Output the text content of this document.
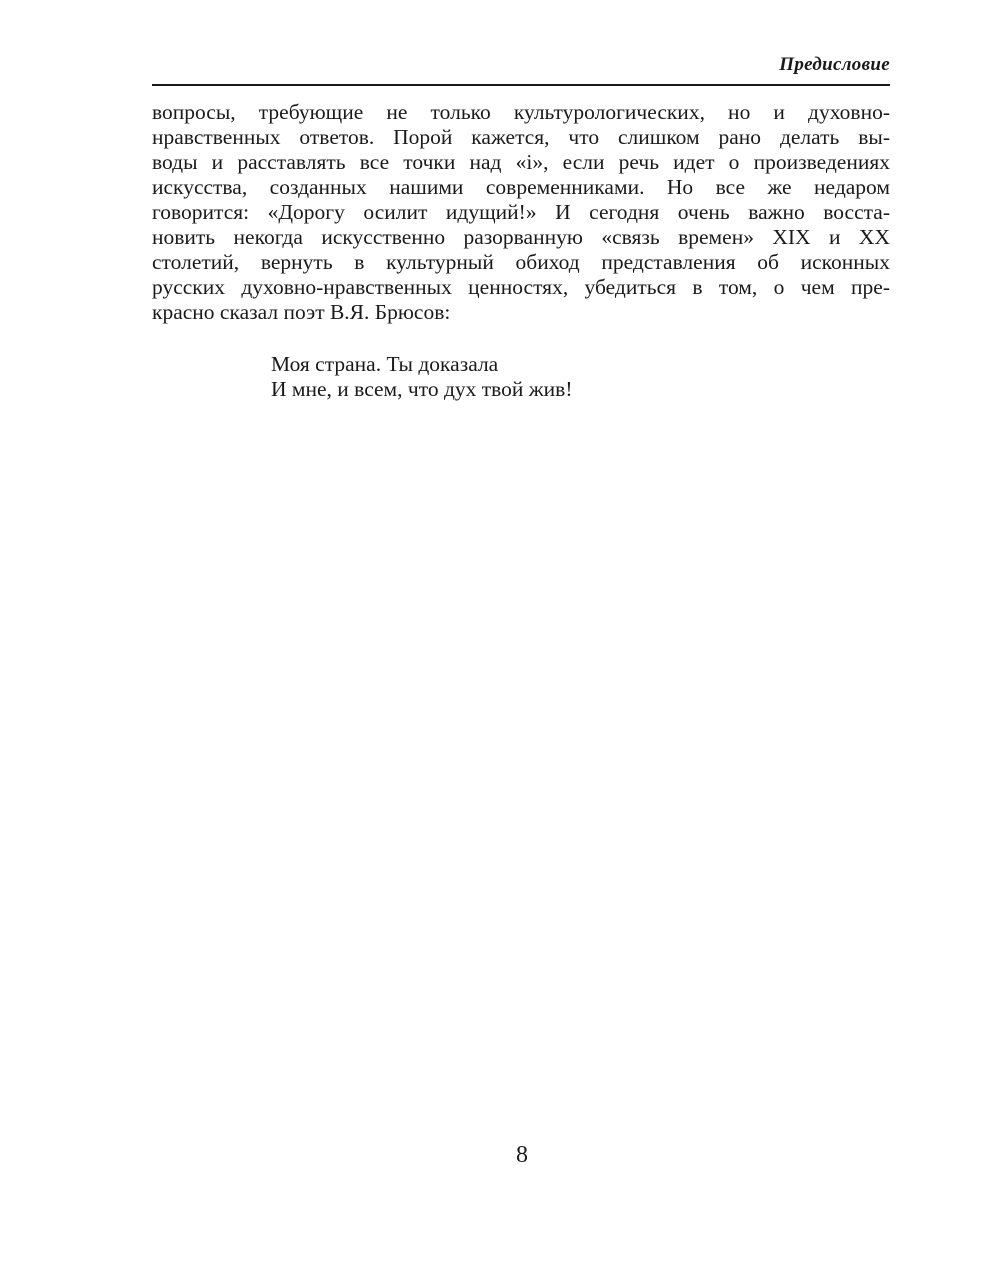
Предисловие
вопросы, требующие не только культурологических, но и духовно-
нравственных ответов. Порой кажется, что слишком рано делать вы-
воды и расставлять все точки над «i», если речь идет о произведениях
искусства, созданных нашими современниками. Но все же недаром
говорится: «Дорогу осилит идущий!» И сегодня очень важно восста-
новить некогда искусственно разорванную «связь времен» XIX и XX
столетий, вернуть в культурный обиход представления об исконных
русских духовно-нравственных ценностях, убедиться в том, о чем пре-
красно сказал поэт В.Я. Брюсов:
Моя страна. Ты доказала
И мне, и всем, что дух твой жив!
8
